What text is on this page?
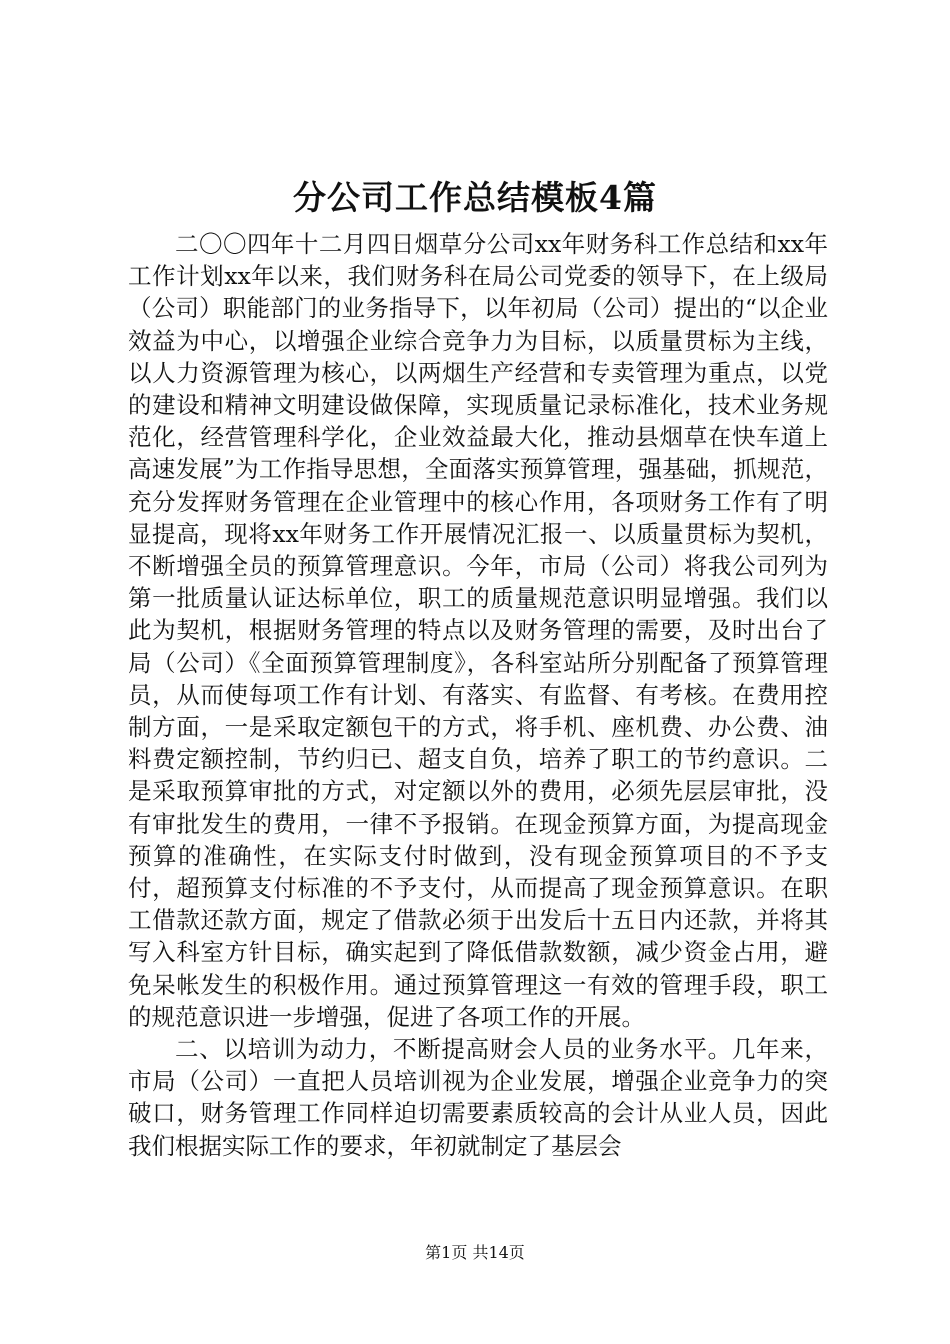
分公司工作总结模板4篇

二〇〇四年十二月四日烟草分公司xx年财务科工作总结和xx年工作计划xx年以来，我们财务科在局公司党委的领导下，在上级局（公司）职能部门的业务指导下，以年初局（公司）提出的“以企业效益为中心，以增强企业综合竞争力为目标，以质量贯标为主线，以人力资源管理为核心，以两烟生产经营和专卖管理为重点，以党的建设和精神文明建设做保障，实现质量记录标准化，技术业务规范化，经营管理科学化，企业效益最大化，推动县烟草在快车道上高速发展”为工作指导思想，全面落实预算管理，强基础，抓规范，充分发挥财务管理在企业管理中的核心作用，各项财务工作有了明显提高，现将xx年财务工作开展情况汇报一、以质量贯标为契机，不断增强全员的预算管理意识。今年，市局（公司）将我公司列为第一批质量认证达标单位，职工的质量规范意识明显增强。我们以此为契机，根据财务管理的特点以及财务管理的需要，及时出台了局（公司）《全面预算管理制度》，各科室站所分别配备了预算管理员，从而使每项工作有计划、有落实、有监督、有考核。在费用控制方面，一是采取定额包干的方式，将手机、座机费、办公费、油料费定额控制，节约归已、超支自负，培养了职工的节约意识。二是采取预算审批的方式，对定额以外的费用，必须先层层审批，没有审批发生的费用，一律不予报销。在现金预算方面，为提高现金预算的准确性，在实际支付时做到，没有现金预算项目的不予支付，超预算支付标准的不予支付，从而提高了现金预算意识。在职工借款还款方面，规定了借款必须于出发后十五日内还款，并将其写入科室方针目标，确实起到了降低借款数额，减少资金占用，避免呆帐发生的积极作用。通过预算管理这一有效的管理手段，职工的规范意识进一步增强，促进了各项工作的开展。

二、以培训为动力，不断提高财会人员的业务水平。几年来，市局（公司）一直把人员培训视为企业发展，增强企业竞争力的突破口，财务管理工作同样迫切需要素质较高的会计从业人员，因此我们根据实际工作的要求，年初就制定了基层会

第1页 共14页
